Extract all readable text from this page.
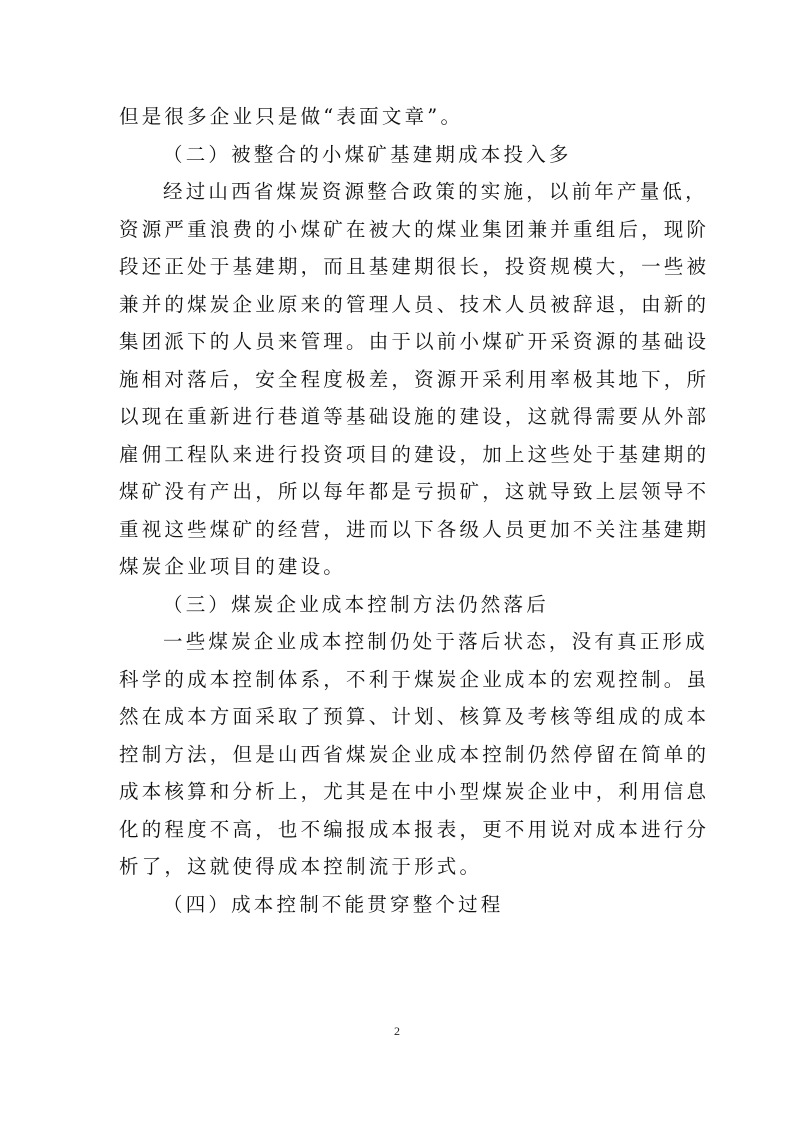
但是很多企业只是做“表面文章”。
（二）被整合的小煤矿基建期成本投入多
经过山西省煤炭资源整合政策的实施，以前年产量低，
资源严重浪费的小煤矿在被大的煤业集团兼并重组后，现阶
段还正处于基建期，而且基建期很长，投资规模大，一些被
兼并的煤炭企业原来的管理人员、技术人员被辞退，由新的
集团派下的人员来管理。由于以前小煤矿开采资源的基础设
施相对落后，安全程度极差，资源开采利用率极其地下，所
以现在重新进行巷道等基础设施的建设，这就得需要从外部
雇佣工程队来进行投资项目的建设，加上这些处于基建期的
煤矿没有产出，所以每年都是亏损矿，这就导致上层领导不
重视这些煤矿的经营，进而以下各级人员更加不关注基建期
煤炭企业项目的建设。
（三）煤炭企业成本控制方法仍然落后
一些煤炭企业成本控制仍处于落后状态，没有真正形成
科学的成本控制体系，不利于煤炭企业成本的宏观控制。虽
然在成本方面采取了预算、计划、核算及考核等组成的成本
控制方法，但是山西省煤炭企业成本控制仍然停留在简单的
成本核算和分析上，尤其是在中小型煤炭企业中，利用信息
化的程度不高，也不编报成本报表，更不用说对成本进行分
析了，这就使得成本控制流于形式。
（四）成本控制不能贯穿整个过程
2
